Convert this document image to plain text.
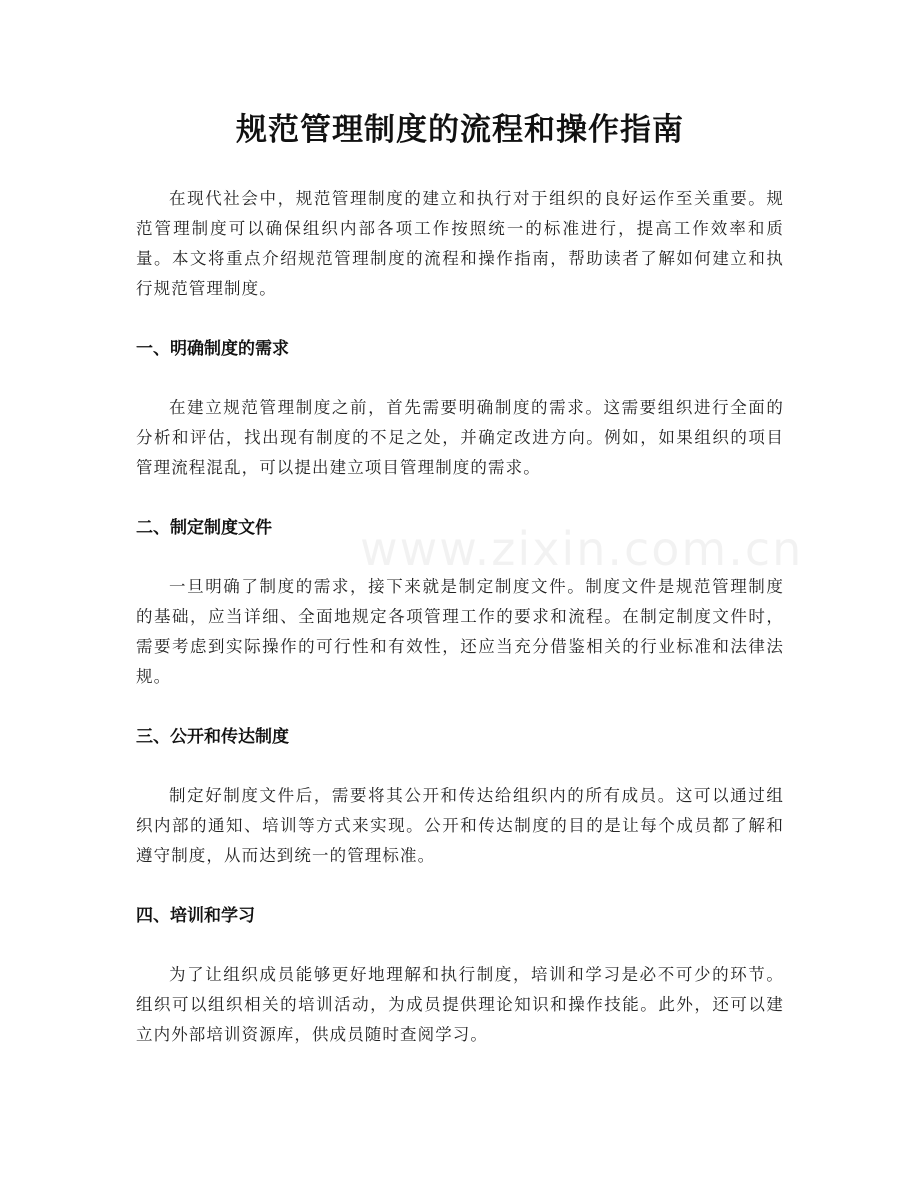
规范管理制度的流程和操作指南

在现代社会中，规范管理制度的建立和执行对于组织的良好运作至关重要。规范管理制度可以确保组织内部各项工作按照统一的标准进行，提高工作效率和质量。本文将重点介绍规范管理制度的流程和操作指南，帮助读者了解如何建立和执行规范管理制度。

一、明确制度的需求

在建立规范管理制度之前，首先需要明确制度的需求。这需要组织进行全面的分析和评估，找出现有制度的不足之处，并确定改进方向。例如，如果组织的项目管理流程混乱，可以提出建立项目管理制度的需求。

二、制定制度文件

一旦明确了制度的需求，接下来就是制定制度文件。制度文件是规范管理制度的基础，应当详细、全面地规定各项管理工作的要求和流程。在制定制度文件时，需要考虑到实际操作的可行性和有效性，还应当充分借鉴相关的行业标准和法律法规。

三、公开和传达制度

制定好制度文件后，需要将其公开和传达给组织内的所有成员。这可以通过组织内部的通知、培训等方式来实现。公开和传达制度的目的是让每个成员都了解和遵守制度，从而达到统一的管理标准。

四、培训和学习

为了让组织成员能够更好地理解和执行制度，培训和学习是必不可少的环节。组织可以组织相关的培训活动，为成员提供理论知识和操作技能。此外，还可以建立内外部培训资源库，供成员随时查阅学习。

www.zixin.com.cn
